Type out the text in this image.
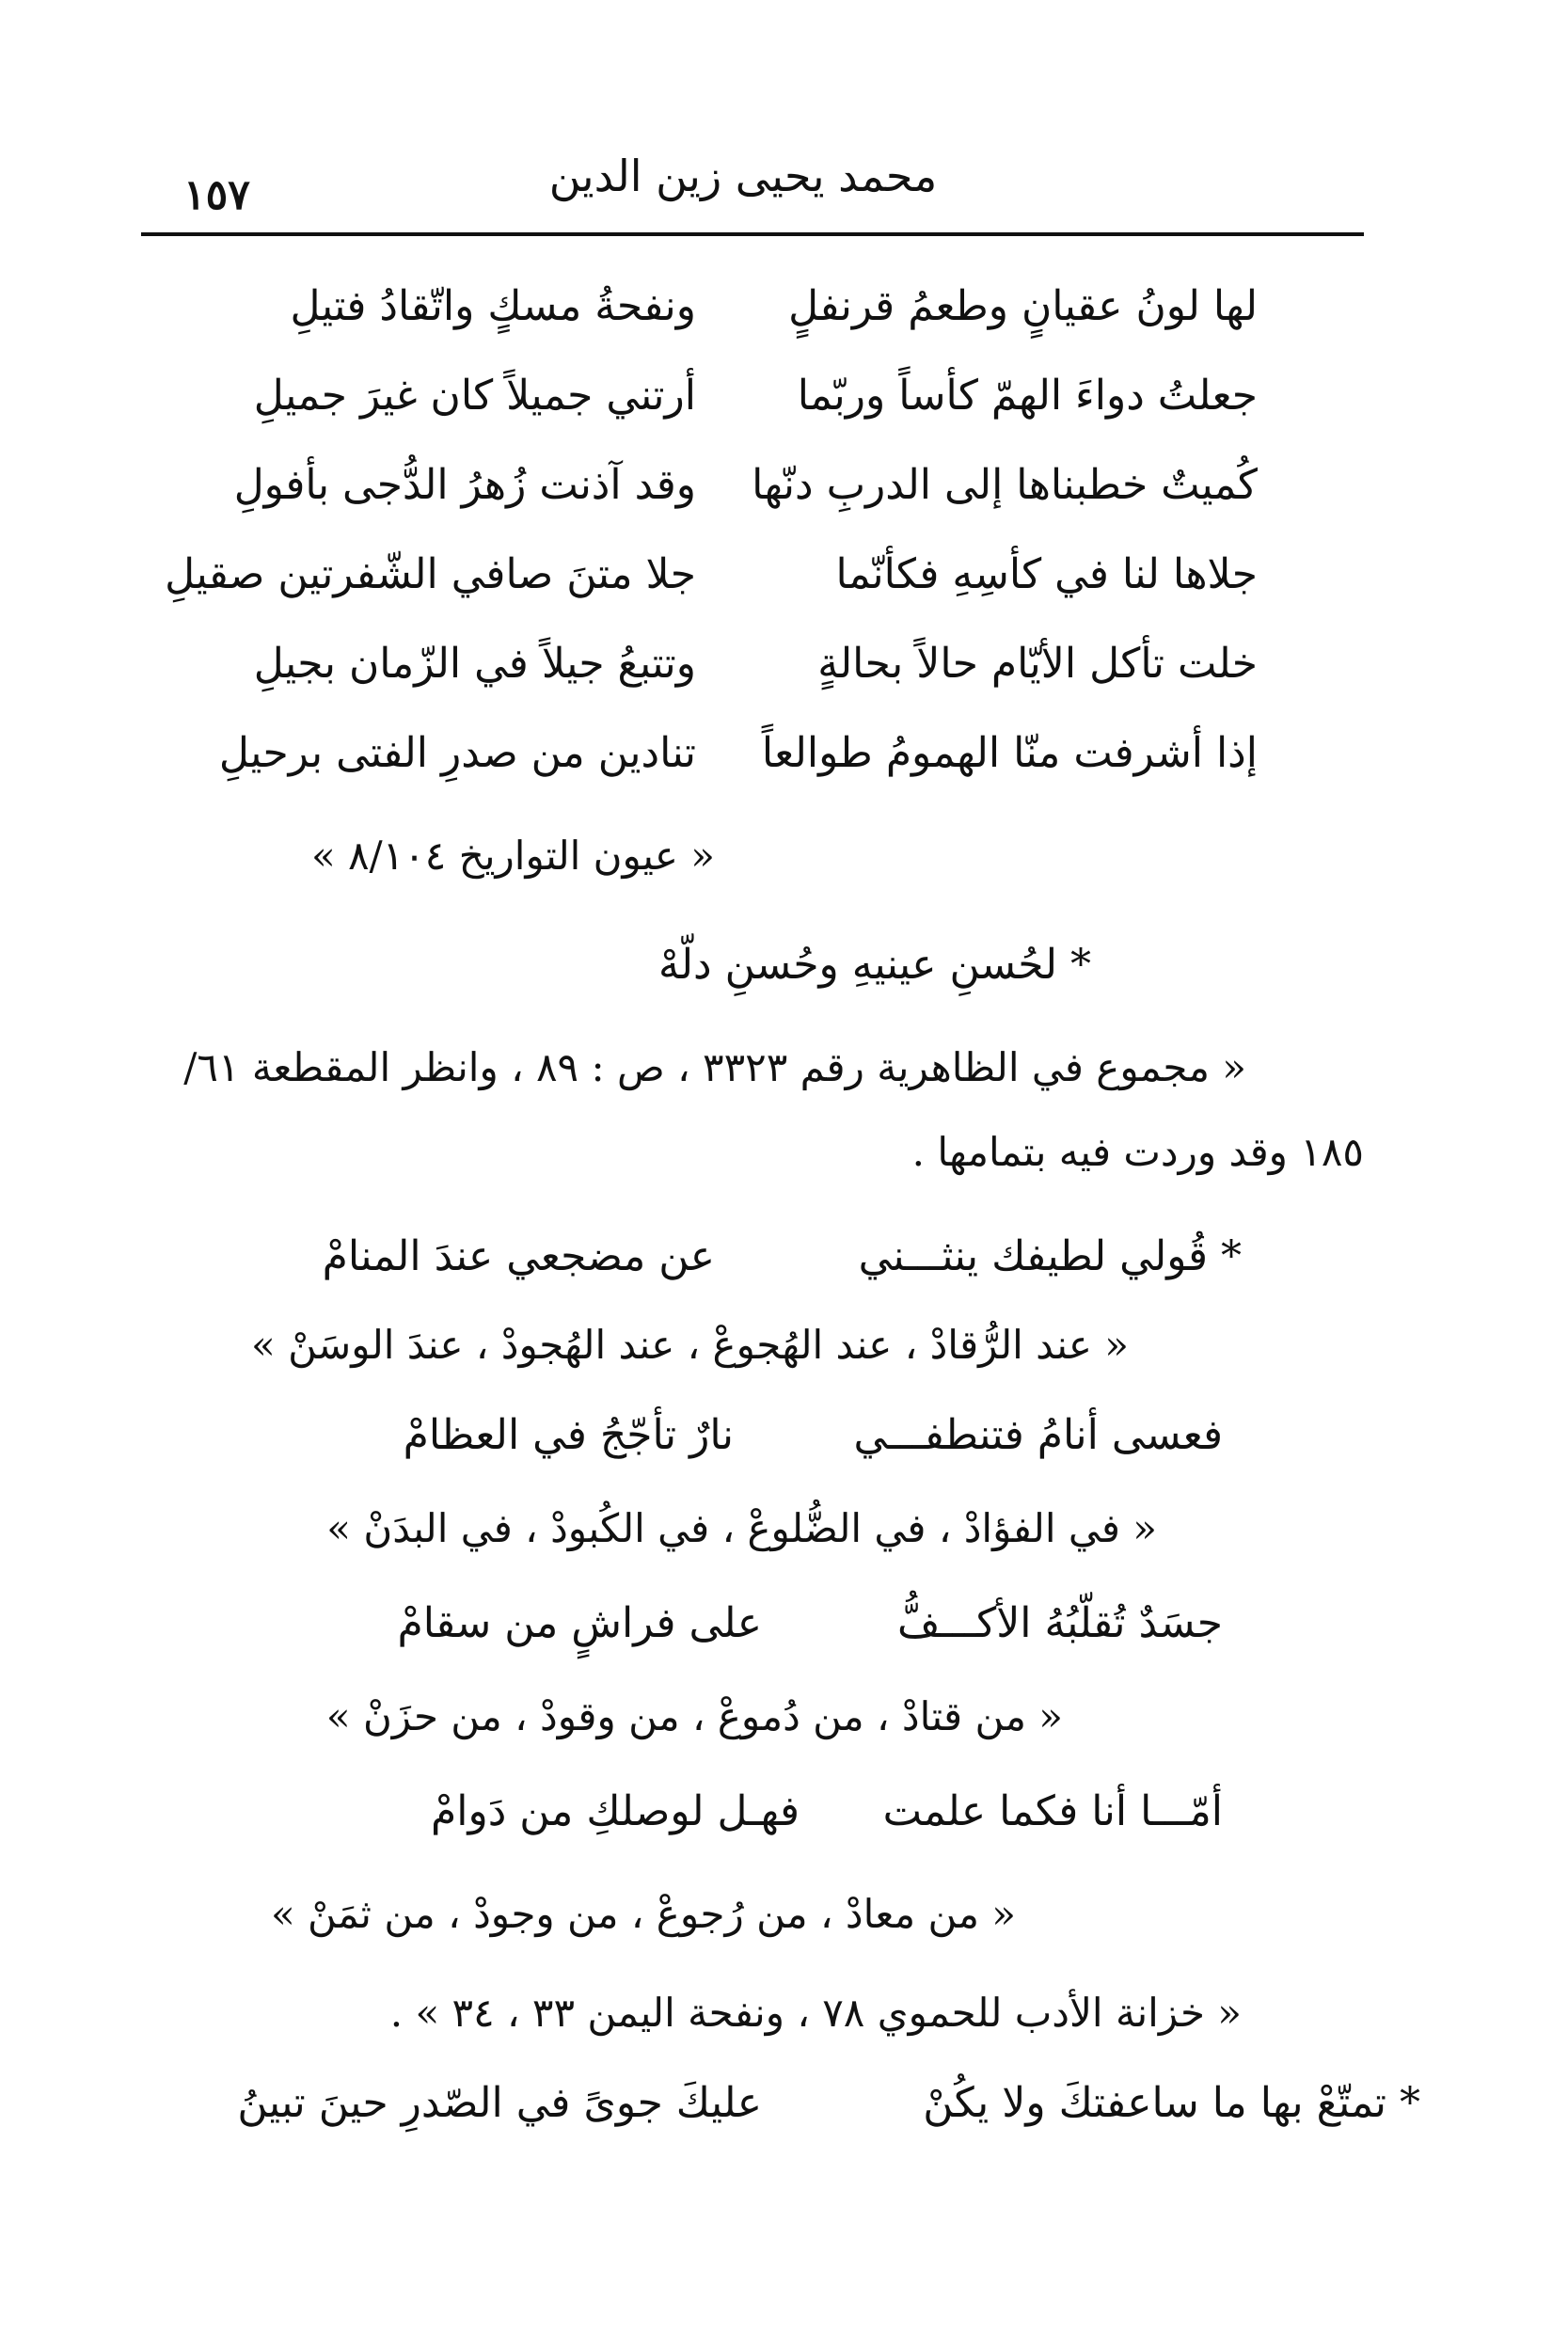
محمد يحيى زين الدين
١٥٧
لها لونُ عقيانٍ وطعمُ قرنفلٍ
ونفحةُ مسكٍ واتّقادُ فتيلِ
جعلتُ دواءَ الهمّ كأساً وربّما
أرتني جميلاً كان غيرَ جميلِ
كُميتٌ خطبناها إلى الدربِ دنّها
وقد آذنت زُهرُ الدُّجى بأفولِ
جلاها لنا في كأسِهِ فكأنّما
جلا متنَ صافي الشّفرتين صقيلِ
خلت تأكل الأيّام حالاً بحالةٍ
وتتبعُ جيلاً في الزّمان بجيلِ
إذا أشرفت منّا الهمومُ طوالعاً
تنادين من صدرِ الفتى برحيلِ
« عيون التواريخ ٨/١٠٤ »
* لحُسنِ عينيهِ وحُسنِ دلّهْ
« مجموع في الظاهرية رقم ٣٣٢٣ ، ص : ٨٩ ، وانظر المقطعة ٦١/
١٨٥ وقد وردت فيه بتمامها .
* قُولي لطيفك ينثـــني
عن مضجعي عندَ المنامْ
« عند الرُّقادْ ، عند الهُجوعْ ، عند الهُجودْ ، عندَ الوسَنْ »
فعسى أنامُ فتنطفـــي
نارٌ تأجّجُ في العظامْ
« في الفؤادْ ، في الضُّلوعْ ، في الكُبودْ ، في البدَنْ »
جسَدٌ تُقلّبُهُ الأكـــفُّ
على فراشٍ من سقامْ
« من قتادْ ، من دُموعْ ، من وقودْ ، من حزَنْ »
أمّـــا أنا فكما علمت
فهـل لوصلكِ من دَوامْ
« من معادْ ، من رُجوعْ ، من وجودْ ، من ثمَنْ »
« خزانة الأدب للحموي ٧٨ ، ونفحة اليمن ٣٣ ، ٣٤ » .
* تمتّعْ بها ما ساعفتكَ ولا يكُنْ
عليكَ جوىً في الصّدرِ حينَ تبينُ
